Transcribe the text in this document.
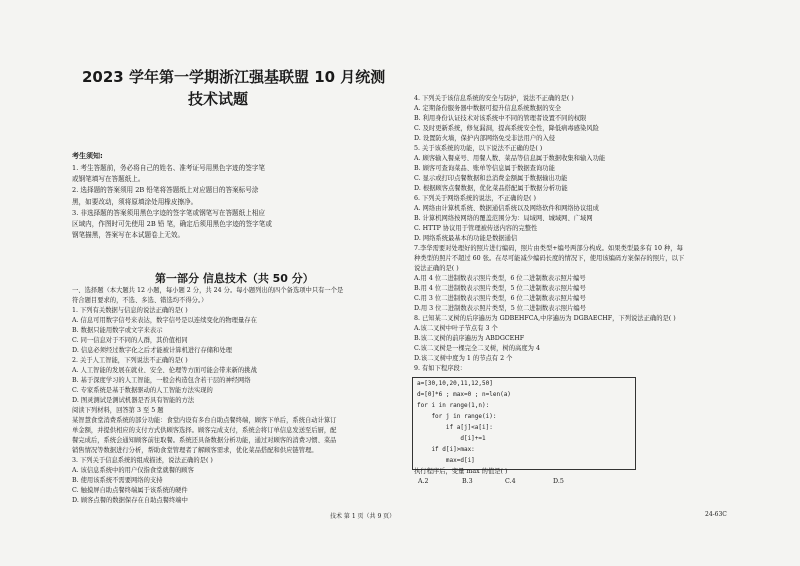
2023 学年第一学期浙江强基联盟 10 月统测
技术试题
考生须知:
1. 考生答题前，务必将自己的姓名、准考证号用黑色字迹的签字笔
或钢笔填写在答题纸上。
2. 选择题的答案须用 2B 铅笔将答题纸上对应题目的答案标号涂
黑，如要改动，须将原填涂处用橡皮擦净。
3. 非选择题的答案须用黑色字迹的签字笔或钢笔写在答题纸上相应
区域内，作图时可先使用 2B 铅 笔，确定后须用黑色字迹的签字笔或
钢笔描黑，答案写在本试题卷上无效。
第一部分 信息技术（共 50 分）
一、选择题（本大题共 12 小题，每小题 2 分，共 24 分。每小题列出的四个备选项中只有一个是
符合题目要求的，不选、多选、错选均不得分。）
1. 下列有关数据与信息的说法正确的是( )
A. 信息可用数字信号来表达，数字信号是以连续变化的物理量存在
B. 数据只能用数字或文字来表示
C. 同一信息对于不同的人群，其价值相同
D. 信息必须经过数字化之后才能被计算机进行存储和处理
2. 关于人工智能，下列说法不正确的是( )
A. 人工智能的发展在就业、安全、伦理等方面可能会带来新的挑战
B. 基于深度学习的人工智能，一般会构造包含若干层的神经网络
C. 专家系统是基于数据驱动的人工智能方法实现的
D. 图灵测试是测试机器是否具有智能的方法
阅读下列材料，回答第 3 至 5 题
某智慧食堂消费系统的部分功能：食堂内设有多台自助点餐终端，顾客下单后，系统自动计算订
单金额，并提供相应的支付方式供顾客选择。顾客完成支付，系统会将订单信息发送至后厨，配
餐完成后，系统会通知顾客前往取餐。系统还具备数据分析功能，通过对顾客的消费习惯、菜品
销售情况等数据进行分析，帮助食堂管理者了解顾客需求，优化菜品搭配和供应链管理。
3. 下列关于信息系统的组成描述，说法正确的是( )
A. 该信息系统中的用户仅指食堂就餐的顾客
B. 使用该系统不需要网络的支持
C. 触摸屏自助点餐终端属于该系统的硬件
D. 顾客点餐的数据保存在自助点餐终端中
4. 下列关于该信息系统的安全与防护，说法不正确的是( )
A. 定期备份服务器中数据可提升信息系统数据的安全
B. 利用身份认证技术对该系统中不同的管理者设置不同的权限
C. 及时更新系统，修复漏洞，提高系统安全性，降低病毒感染风险
D. 设置防火墙，保护内部网络免受非法用户的入侵
5. 关于该系统的功能，以下说法不正确的是( )
A. 顾客输入餐桌号、用餐人数、菜品等信息属于数据收集和输入功能
B. 顾客可查询菜品、账单等信息属于数据查询功能
C. 显示或打印点餐数据和总消费金额属于数据输出功能
D. 根据顾客点餐数据，优化菜品搭配属于数据分析功能
6. 下列关于网络系统的说法，不正确的是( )
A. 网络由计算机系统、数据通信系统以及网络软件和网络协议组成
B. 计算机网络按网络的覆盖范围分为：局域网、城域网、广域网
C. HTTP 协议用于管理被传送内容的完整性
D. 网络系统最基本的功能是数据通信
7.李华需要对处理好的照片进行编码，照片由类型+编号两部分构成。如果类型最多有 10 种，每
种类型的照片不超过 60 张。在尽可能减少编码长度的情况下，使用该编码方案保存的照片，以下
说法正确的是( )
A.用 4 位二进制数表示照片类型，6 位二进制数表示照片编号
B.用 4 位二进制数表示照片类型，5 位二进制数表示照片编号
C.用 3 位二进制数表示照片类型，6 位二进制数表示照片编号
D.用 3 位二进制数表示照片类型，5 位二进制数表示照片编号
8. 已知某二叉树的后序遍历为 GDBEHFCA,中序遍历为 DGBAECHF，下列说法正确的是( )
A.该二叉树中叶子节点有 3 个
B.该二叉树的前序遍历为 ABDGCEHF
C.该二叉树是一棵完全二叉树，树的高度为 4
D.该二叉树中度为 1 的节点有 2 个
9. 有如下程序段：
a=[30,10,20,11,12,50]
d=[0]*6 ; max=0 ; n=len(a)
for i in range(1,n):
for j in range(i):
if a[j]<a[i]:
d[i]+=1
if d[i]>max:
max=d[i]
执行程序后，变量 max 的值是( )
A.2	B.3	C.4	D.5
技术 第 1 页（共 9 页）	24-63C
